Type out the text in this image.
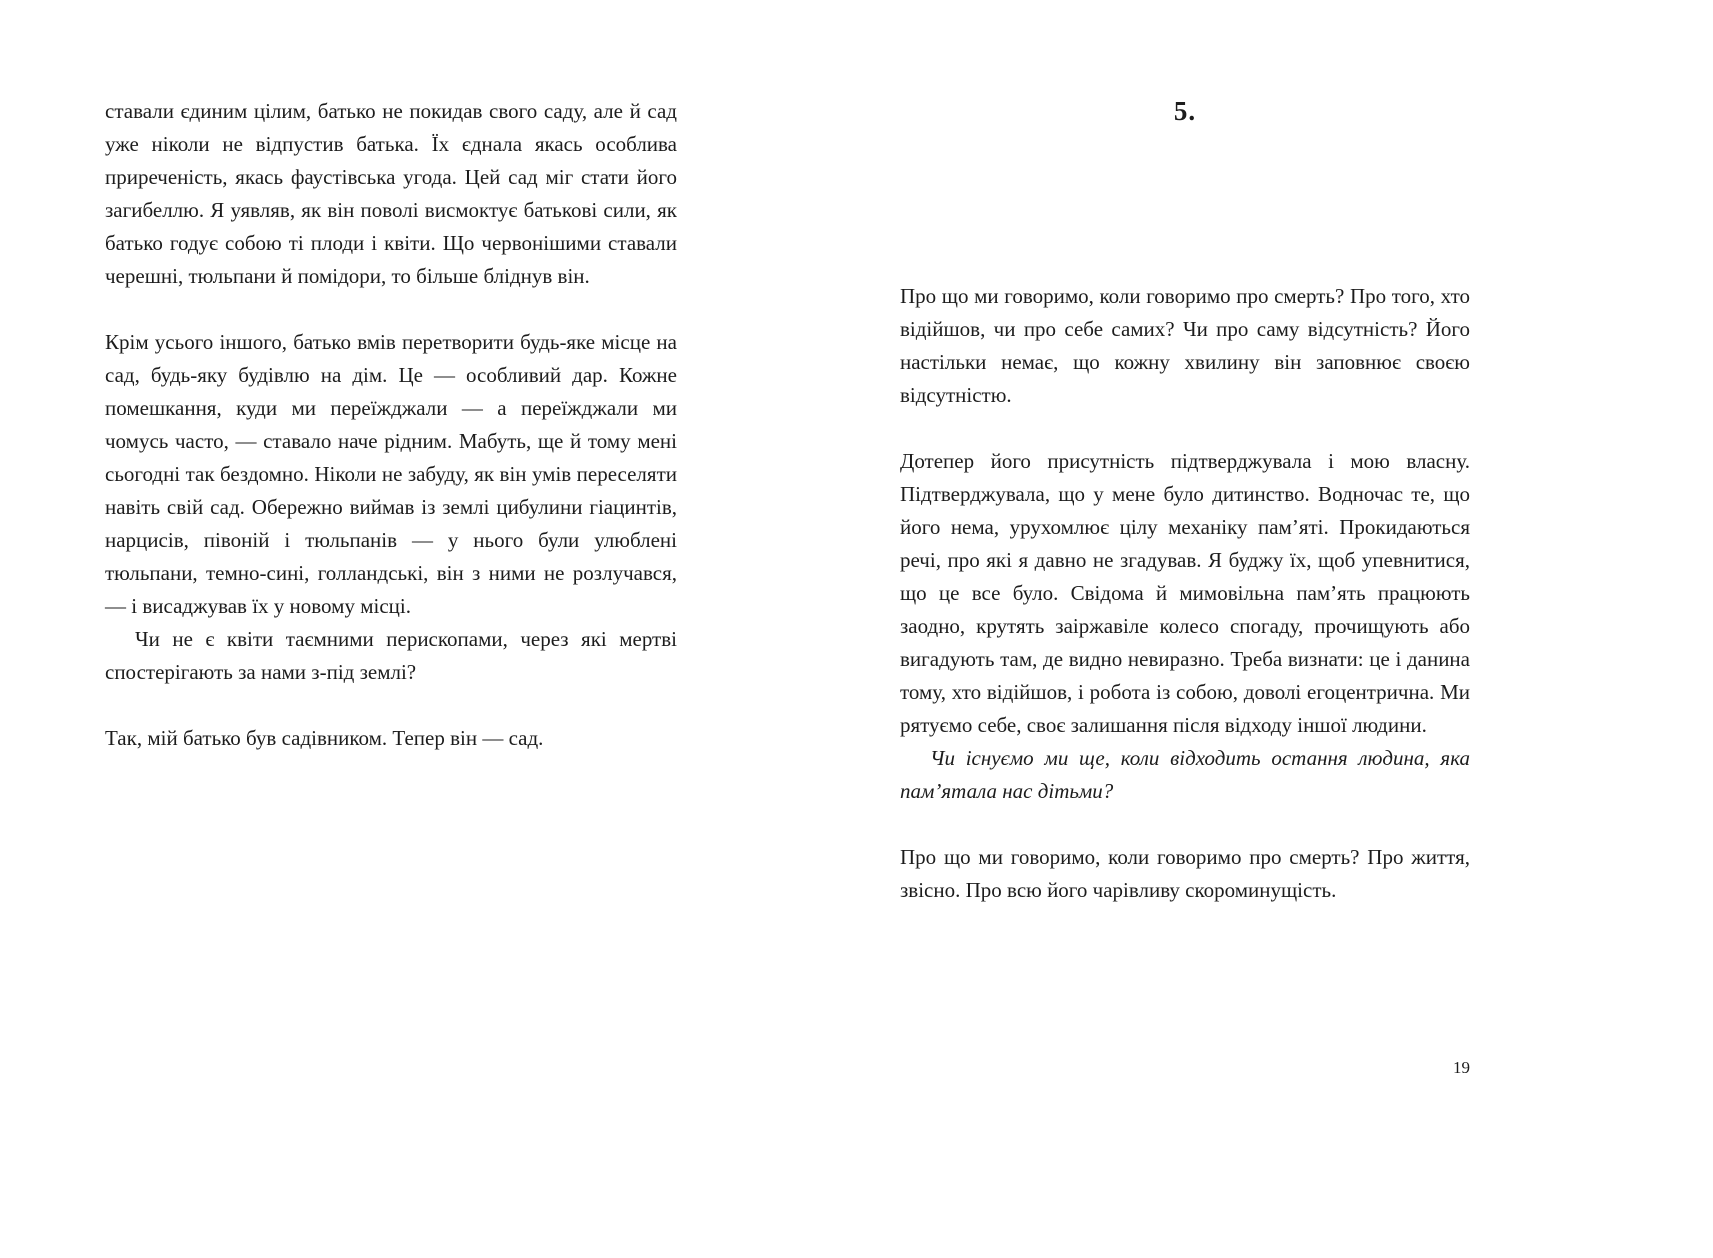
ставали єдиним цілим, батько не покидав свого саду, але й сад уже ніколи не відпустив батька. Їх єднала якась особлива приреченість, якась фаустівська угода. Цей сад міг стати його загибеллю. Я уявляв, як він поволі висмоктує батькові сили, як батько годує собою ті плоди і квіти. Що червонішими ставали черешні, тюльпани й помідори, то більше бліднув він.

Крім усього іншого, батько вмів перетворити будь-яке місце на сад, будь-яку будівлю на дім. Це — особливий дар. Кожне помешкання, куди ми переїжджали — а переїжджали ми чомусь часто, — ставало наче рідним. Мабуть, ще й тому мені сьогодні так бездомно. Ніколи не забуду, як він умів переселяти навіть свій сад. Обережно виймав із землі цибулини гіацинтів, нарцисів, півоній і тюльпанів — у нього були улюблені тюльпани, темно-сині, голландські, він з ними не розлучався, — і висаджував їх у новому місці.

Чи не є квіти таємними перископами, через які мертві спостерігають за нами з-під землі?

Так, мій батько був садівником. Тепер він — сад.

5.

Про що ми говоримо, коли говоримо про смерть? Про того, хто відійшов, чи про себе самих? Чи про саму відсутність? Його настільки немає, що кожну хвилину він заповнює своєю відсутністю.

Дотепер його присутність підтверджувала і мою власну. Підтверджувала, що у мене було дитинство. Водночас те, що його нема, урухомлює цілу механіку пам’яті. Прокидаються речі, про які я давно не згадував. Я буджу їх, щоб упевнитися, що це все було. Свідома й мимовільна пам’ять працюють заодно, крутять заіржавіле колесо спогаду, прочищують або вигадують там, де видно невиразно. Треба визнати: це і данина тому, хто відійшов, і робота із собою, доволі егоцентрична. Ми рятуємо себе, своє залишання після відходу іншої людини.

Чи існуємо ми ще, коли відходить остання людина, яка пам’ятала нас дітьми?

Про що ми говоримо, коли говоримо про смерть? Про життя, звісно. Про всю його чарівливу скороминущість.

19
